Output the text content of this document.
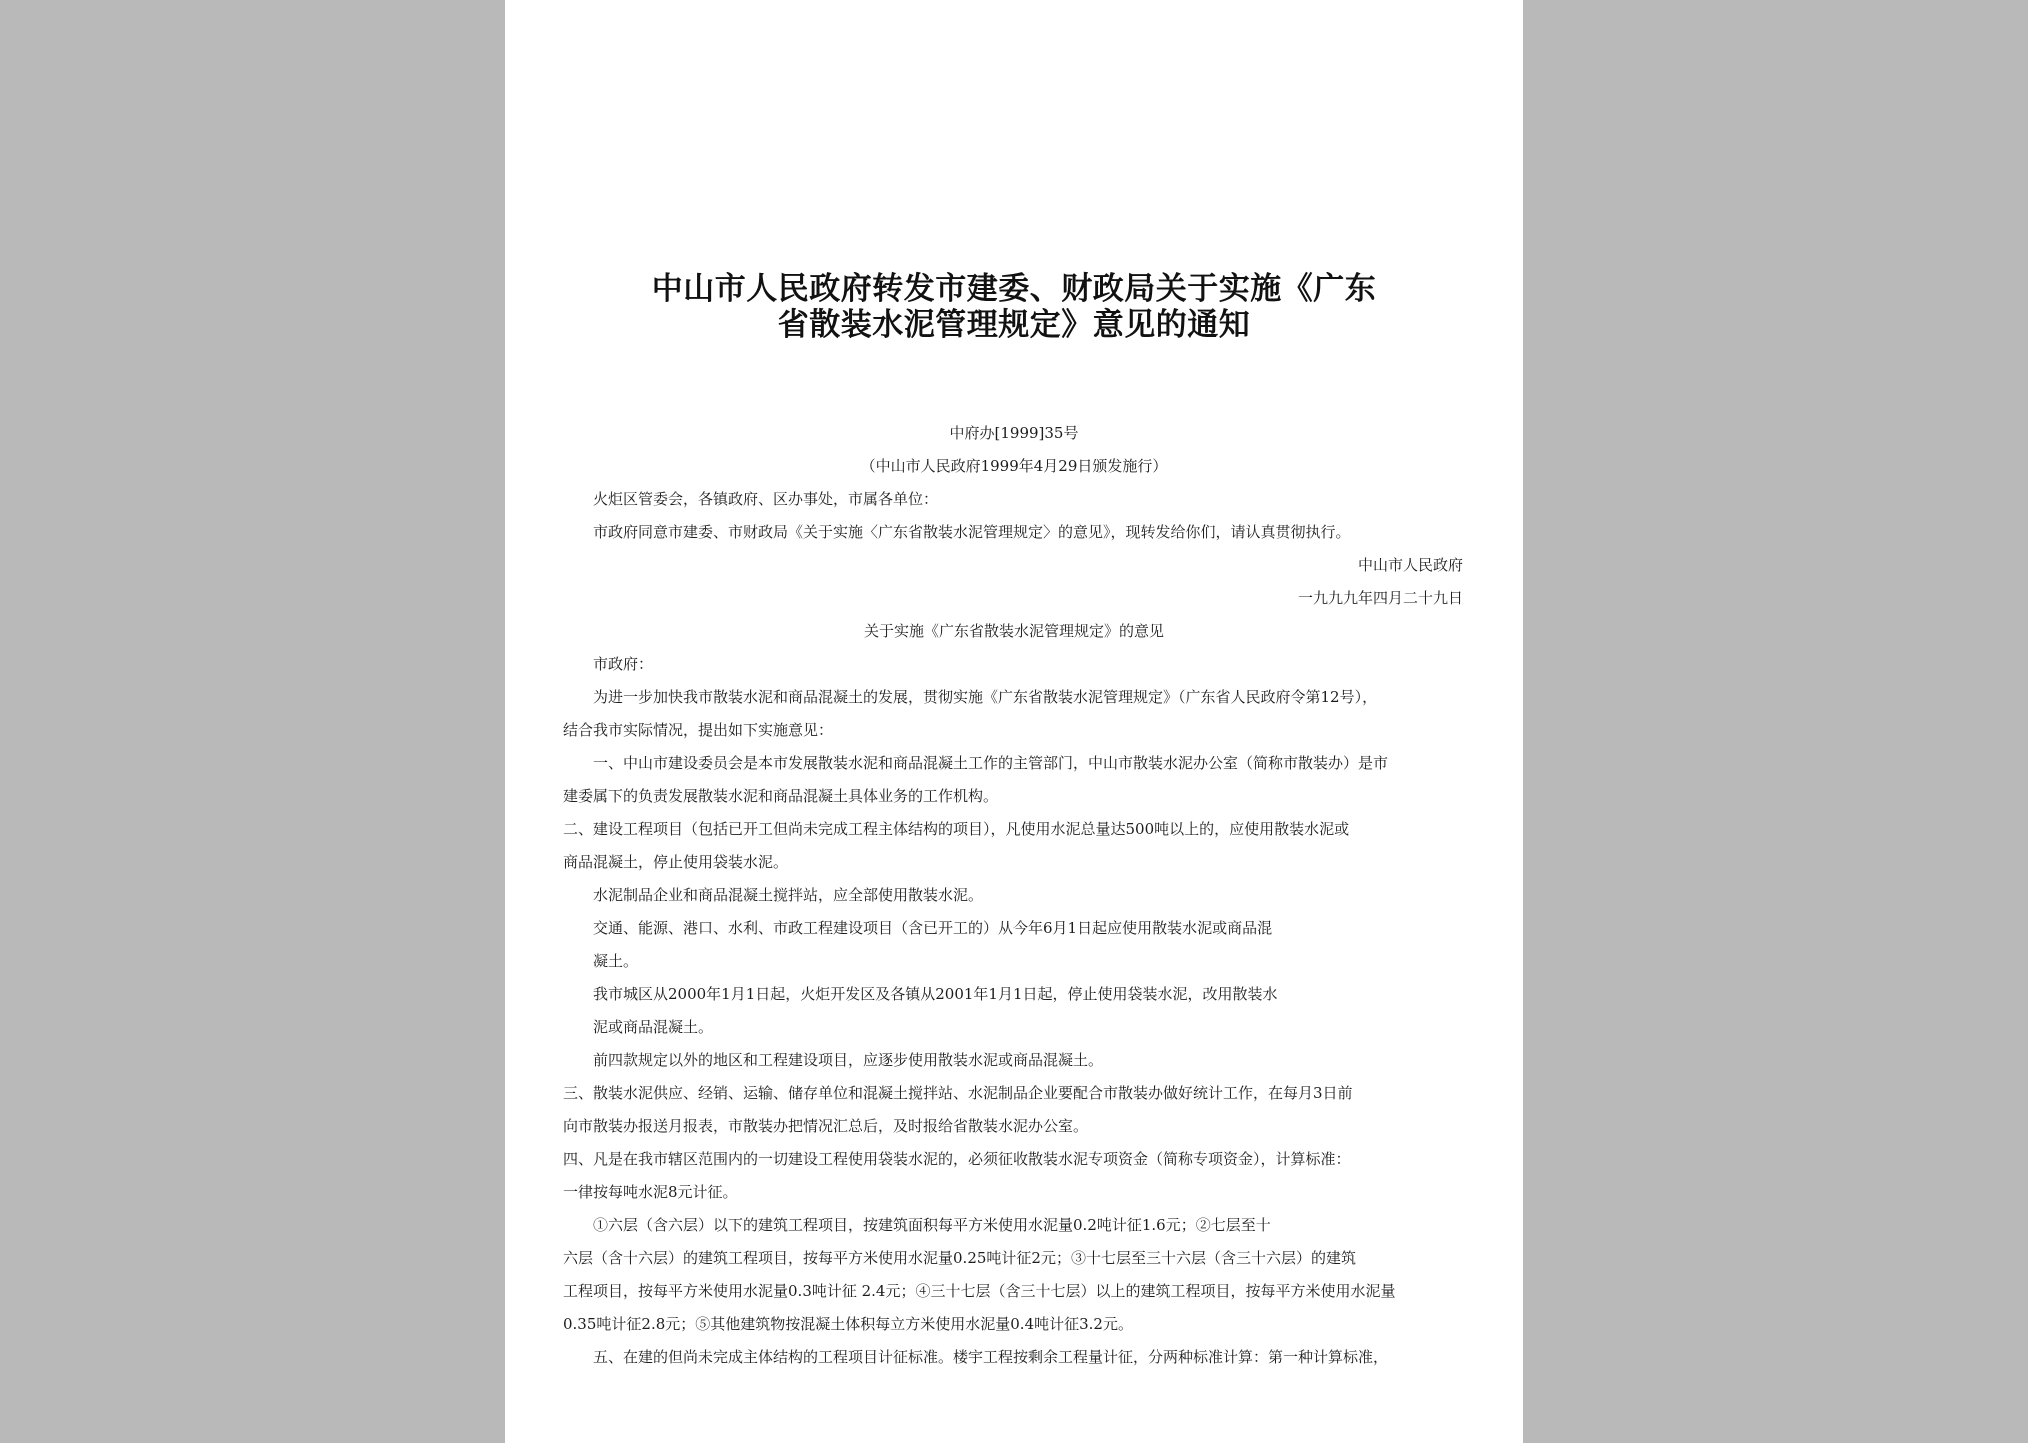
中山市人民政府转发市建委、财政局关于实施《广东
省散装水泥管理规定》意见的通知
中府办[1999]35号
（中山市人民政府1999年4月29日颁发施行）
火炬区管委会，各镇政府、区办事处，市属各单位：
市政府同意市建委、市财政局《关于实施〈广东省散装水泥管理规定〉的意见》，现转发给你们，请认真贯彻执行。
中山市人民政府
一九九九年四月二十九日
关于实施《广东省散装水泥管理规定》的意见
市政府：
为进一步加快我市散装水泥和商品混凝土的发展，贯彻实施《广东省散装水泥管理规定》（广东省人民政府令第12号），
结合我市实际情况，提出如下实施意见：
一、中山市建设委员会是本市发展散装水泥和商品混凝土工作的主管部门，中山市散装水泥办公室（简称市散装办）是市
建委属下的负责发展散装水泥和商品混凝土具体业务的工作机构。
二、建设工程项目（包括已开工但尚未完成工程主体结构的项目），凡使用水泥总量达500吨以上的，应使用散装水泥或
商品混凝土，停止使用袋装水泥。
水泥制品企业和商品混凝土搅拌站，应全部使用散装水泥。
交通、能源、港口、水利、市政工程建设项目（含已开工的）从今年6月1日起应使用散装水泥或商品混
凝土。
我市城区从2000年1月1日起，火炬开发区及各镇从2001年1月1日起，停止使用袋装水泥，改用散装水
泥或商品混凝土。
前四款规定以外的地区和工程建设项目，应逐步使用散装水泥或商品混凝土。
三、散装水泥供应、经销、运输、储存单位和混凝土搅拌站、水泥制品企业要配合市散装办做好统计工作，在每月3日前
向市散装办报送月报表，市散装办把情况汇总后，及时报给省散装水泥办公室。
四、凡是在我市辖区范围内的一切建设工程使用袋装水泥的，必须征收散装水泥专项资金（简称专项资金），计算标准：
一律按每吨水泥8元计征。
①六层（含六层）以下的建筑工程项目，按建筑面积每平方米使用水泥量0.2吨计征1.6元；②七层至十
六层（含十六层）的建筑工程项目，按每平方米使用水泥量0.25吨计征2元；③十七层至三十六层（含三十六层）的建筑
工程项目，按每平方米使用水泥量0.3吨计征 2.4元；④三十七层（含三十七层）以上的建筑工程项目，按每平方米使用水泥量
0.35吨计征2.8元；⑤其他建筑物按混凝土体积每立方米使用水泥量0.4吨计征3.2元。
五、在建的但尚未完成主体结构的工程项目计征标准。楼宇工程按剩余工程量计征，分两种标准计算：第一种计算标准，
